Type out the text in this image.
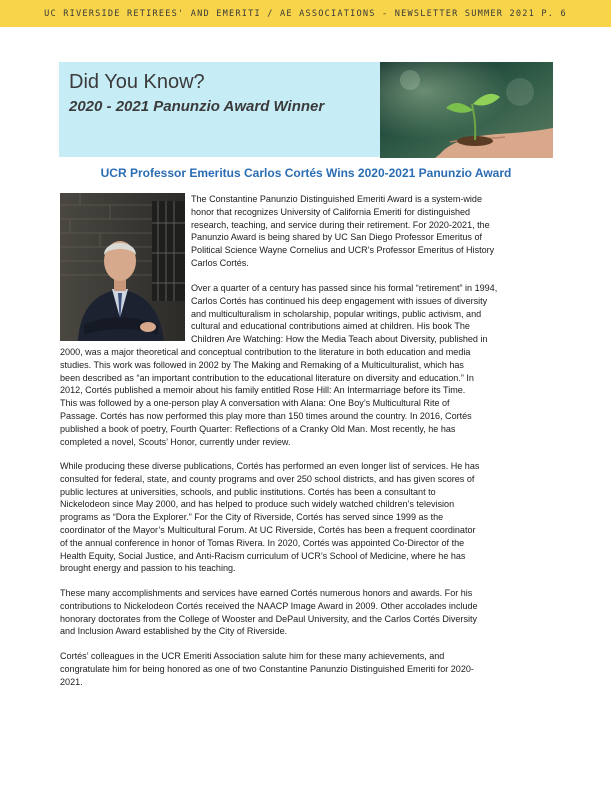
UC RIVERSIDE RETIREES' AND EMERITI / AE ASSOCIATIONS - NEWSLETTER SUMMER 2021 P. 6
Did You Know?
2020 - 2021 Panunzio Award Winner
UCR Professor Emeritus Carlos Cortés Wins 2020-2021 Panunzio Award
The Constantine Panunzio Distinguished Emeriti Award is a system-wide
honor that recognizes University of California Emeriti for distinguished
research, teaching, and service during their retirement. For 2020-2021, the
Panunzio Award is being shared by UC San Diego Professor Emeritus of
Political Science Wayne Cornelius and UCR’s Professor Emeritus of History
Carlos Cortés.
Over a quarter of a century has passed since his formal “retirement” in 1994,
Carlos Cortés has continued his deep engagement with issues of diversity
and multiculturalism in scholarship, popular writings, public activism, and
cultural and educational contributions aimed at children. His book The
Children Are Watching: How the Media Teach about Diversity, published in
2000, was a major theoretical and conceptual contribution to the literature in both education and media
studies. This work was followed in 2002 by The Making and Remaking of a Multiculturalist, which has
been described as “an important contribution to the educational literature on diversity and education.” In
2012, Cortés published a memoir about his family entitled Rose Hill: An Intermarriage before its Time.
This was followed by a one-person play A conversation with Alana: One Boy’s Multicultural Rite of
Passage. Cortés has now performed this play more than 150 times around the country. In 2016, Cortés
published a book of poetry, Fourth Quarter: Reflections of a Cranky Old Man. Most recently, he has
completed a novel, Scouts’ Honor, currently under review.
While producing these diverse publications, Cortés has performed an even longer list of services. He has
consulted for federal, state, and county programs and over 250 school districts, and has given scores of
public lectures at universities, schools, and public institutions. Cortés has been a consultant to
Nickelodeon since May 2000, and has helped to produce such widely watched children’s television
programs as “Dora the Explorer.” For the City of Riverside, Cortés has served since 1999 as the
coordinator of the Mayor’s Multicultural Forum. At UC Riverside, Cortés has been a frequent coordinator
of the annual conference in honor of Tomas Rivera. In 2020, Cortés was appointed Co-Director of the
Health Equity, Social Justice, and Anti-Racism curriculum of UCR’s School of Medicine, where he has
brought energy and passion to his teaching.
These many accomplishments and services have earned Cortés numerous honors and awards. For his
contributions to Nickelodeon Cortés received the NAACP Image Award in 2009. Other accolades include
honorary doctorates from the College of Wooster and DePaul University, and the Carlos Cortés Diversity
and Inclusion Award established by the City of Riverside.
Cortés’ colleagues in the UCR Emeriti Association salute him for these many achievements, and
congratulate him for being honored as one of two Constantine Panunzio Distinguished Emeriti for 2020-
2021.
